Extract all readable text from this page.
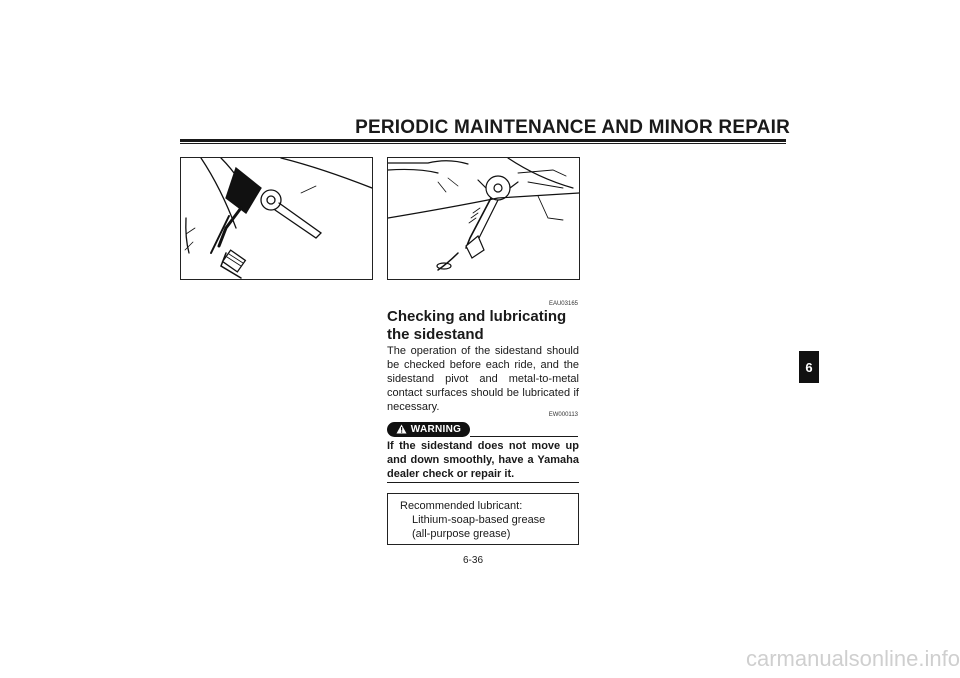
PERIODIC MAINTENANCE AND MINOR REPAIR
EAU03165
Checking and lubricating the sidestand
The operation of the sidestand should be checked before each ride, and the sidestand pivot and metal-to-metal contact surfaces should be lubricated if necessary.
EW000113
WARNING
If the sidestand does not move up and down smoothly, have a Yamaha dealer check or repair it.
Recommended lubricant:
Lithium-soap-based grease
(all-purpose grease)
6-36
6
carmanualsonline.info
